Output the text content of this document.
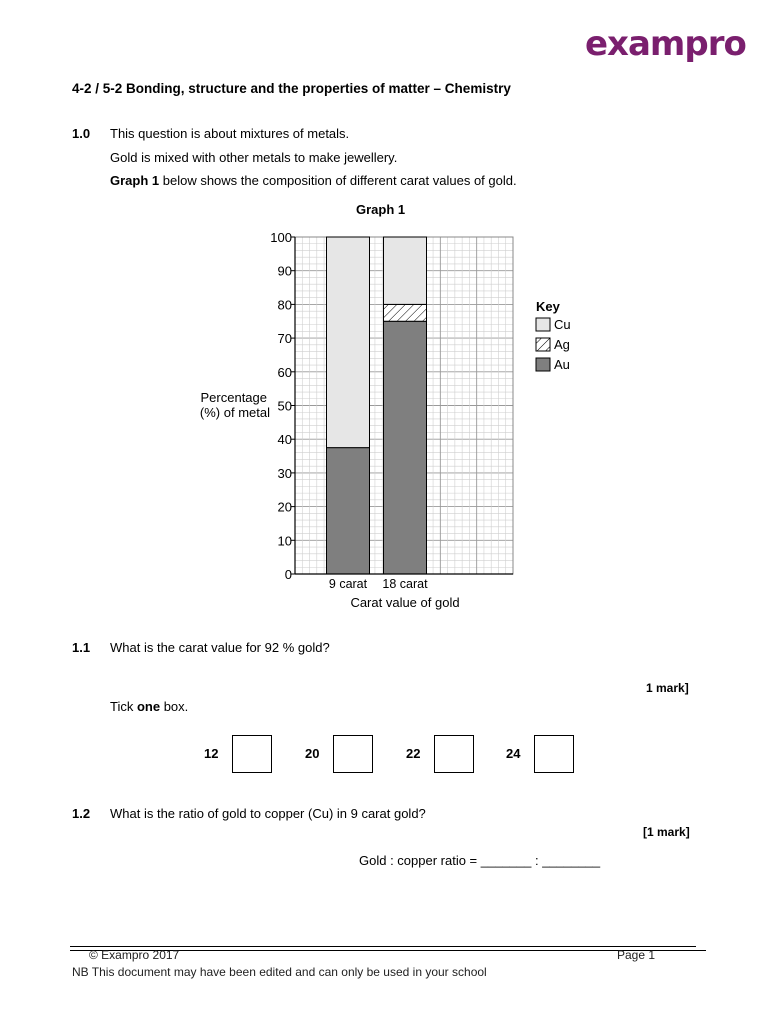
exampro
4-2 / 5-2 Bonding, structure and the properties of matter – Chemistry
1.0 This question is about mixtures of metals.
Gold is mixed with other metals to make jewellery.
Graph 1 below shows the composition of different carat values of gold.
Graph 1
0
10
20
30
40
50
60
70
80
90
100
9 carat 18 carat
Carat value of gold
Percentage
(%) of metal
Key
Cu
Ag
Au
1.1 What is the carat value for 92 % gold?
1 mark]
Tick one box.
12	20	22	24
1.2 What is the ratio of gold to copper (Cu) in 9 carat gold?
[1 mark]
Gold : copper ratio = _______ : ________
© Exampro 2017	Page 1
NB This document may have been edited and can only be used in your school
